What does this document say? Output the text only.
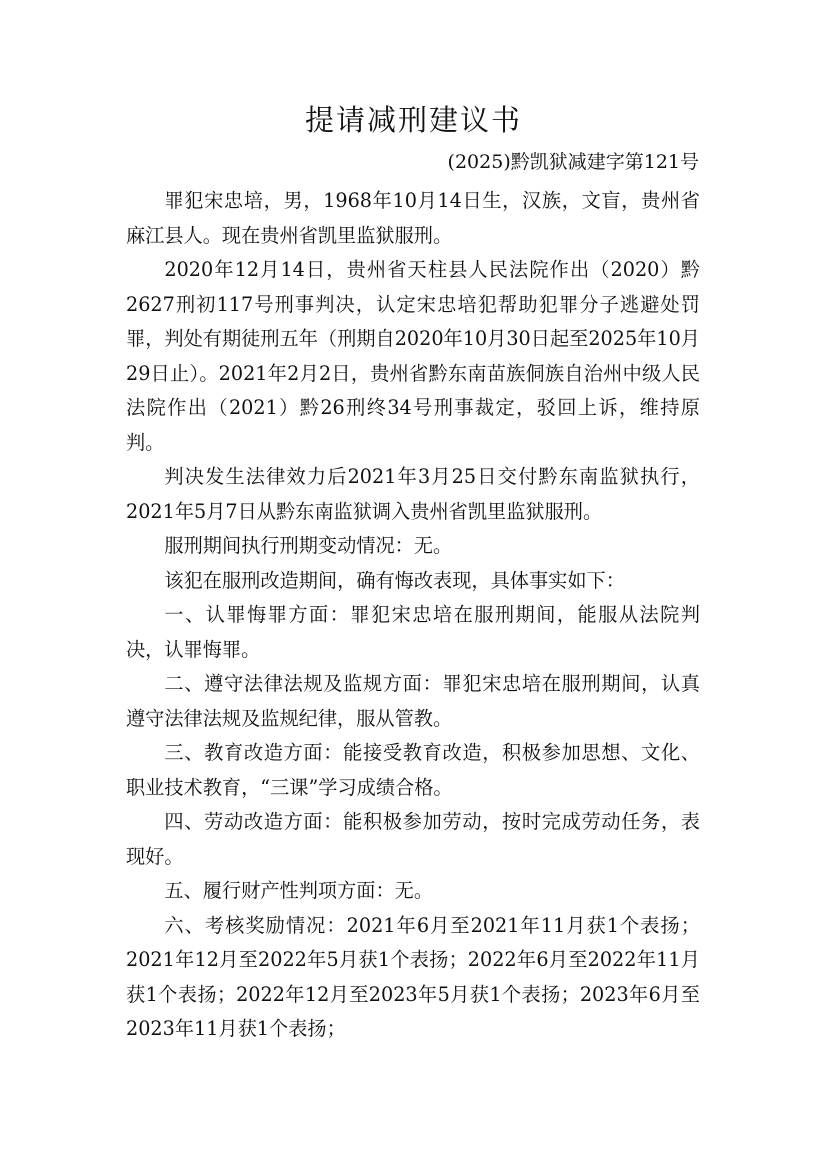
提请减刑建议书
(2025)黔凯狱减建字第121号

罪犯宋忠培，男，1968年10月14日生，汉族，文盲，贵州省麻江县人。现在贵州省凯里监狱服刑。

2020年12月14日，贵州省天柱县人民法院作出（2020）黔2627刑初117号刑事判决，认定宋忠培犯帮助犯罪分子逃避处罚罪，判处有期徒刑五年（刑期自2020年10月30日起至2025年10月29日止）。2021年2月2日，贵州省黔东南苗族侗族自治州中级人民法院作出（2021）黔26刑终34号刑事裁定，驳回上诉，维持原判。

判决发生法律效力后2021年3月25日交付黔东南监狱执行，2021年5月7日从黔东南监狱调入贵州省凯里监狱服刑。

服刑期间执行刑期变动情况：无。

该犯在服刑改造期间，确有悔改表现，具体事实如下：

一、认罪悔罪方面：罪犯宋忠培在服刑期间，能服从法院判决，认罪悔罪。

二、遵守法律法规及监规方面：罪犯宋忠培在服刑期间，认真遵守法律法规及监规纪律，服从管教。

三、教育改造方面：能接受教育改造，积极参加思想、文化、职业技术教育，“三课”学习成绩合格。

四、劳动改造方面：能积极参加劳动，按时完成劳动任务，表现好。

五、履行财产性判项方面：无。

六、考核奖励情况：2021年6月至2021年11月获1个表扬；2021年12月至2022年5月获1个表扬；2022年6月至2022年11月获1个表扬；2022年12月至2023年5月获1个表扬；2023年6月至2023年11月获1个表扬；
